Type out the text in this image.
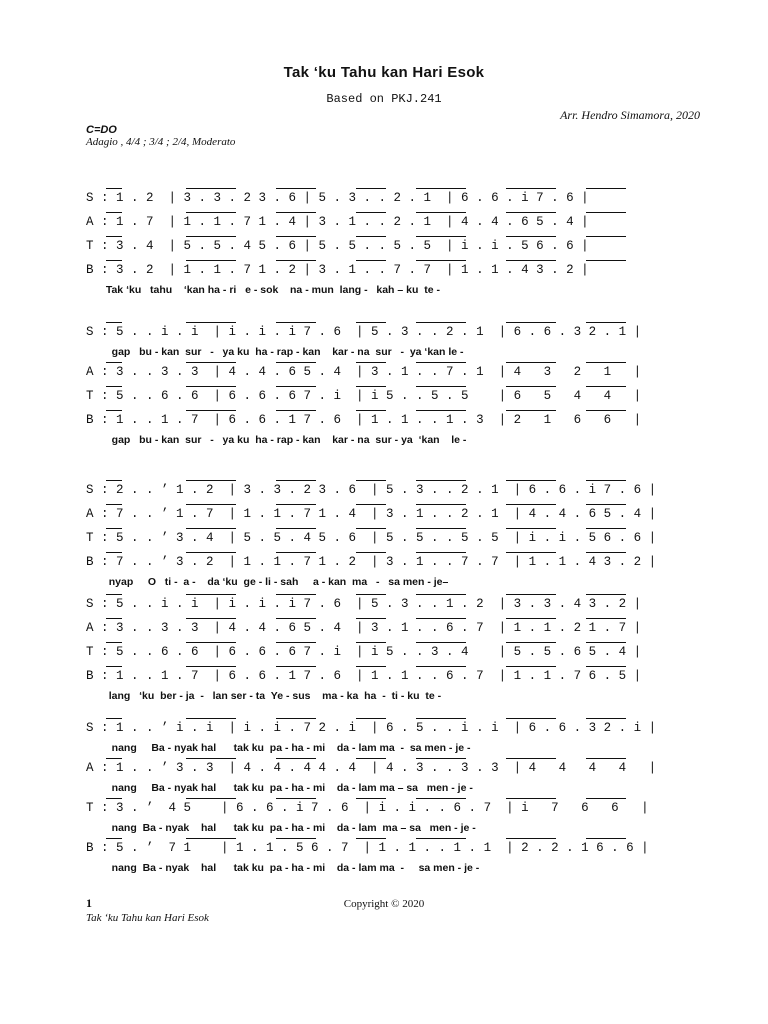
Tak ‘ku Tahu kan Hari Esok
Based on PKJ.241
Arr. Hendro Simamora, 2020
C=DO
Adagio , 4/4 ; 3/4 ; 2/4, Moderato
S : 1 . 2  | 3 . 3 . 2 3 . 6 | 5 . 3 . . 2 . 1  | 6 . 6 . i 7 . 6 |
A : 1 . 7  | 1 . 1 . 7 1 . 4 | 3 . 1 . . 2 . 1  | 4 . 4 . 6 5 . 4 |
T : 3 . 4  | 5 . 5 . 4 5 . 6 | 5 . 5 . . 5 . 5  | i . i . 5 6 . 6 |
B : 3 . 2  | 1 . 1 . 7 1 . 2 | 3 . 1 . . 7 . 7  | 1 . 1 . 4 3 . 2 |
Tak ‘ku   tahu    ‘kan ha - ri   e - sok    na - mun  lang -   kah – ku  te -
S : 5 . . i . i  | i . i . i 7 . 6  | 5 . 3 . . 2 . 1  | 6 . 6 . 3 2 . 1 |
gap   bu - kan  sur   -   ya ku  ha - rap - kan    kar - na  sur   -  ya ‘kan le -
A : 3 . . 3 . 3  | 4 . 4 . 6 5 . 4  | 3 . 1 . . 7 . 1  | 4   3   2   1   |
T : 5 . . 6 . 6  | 6 . 6 . 6 7 . i  | i 5 . . 5 . 5    | 6   5   4   4   |
B : 1 . . 1 . 7  | 6 . 6 . 1 7 . 6  | 1 . 1 . . 1 . 3  | 2   1   6   6   |
gap   bu - kan  sur   -   ya ku  ha - rap - kan    kar - na  sur - ya  ‘kan    le -
S : 2 . . ’ 1 . 2  | 3 . 3 . 2 3 . 6  | 5 . 3 . . 2 . 1  | 6 . 6 . i 7 . 6 |
A : 7 . . ’ 1 . 7  | 1 . 1 . 7 1 . 4  | 3 . 1 . . 2 . 1  | 4 . 4 . 6 5 . 4 |
T : 5 . . ’ 3 . 4  | 5 . 5 . 4 5 . 6  | 5 . 5 . . 5 . 5  | i . i . 5 6 . 6 |
B : 7 . . ’ 3 . 2  | 1 . 1 . 7 1 . 2  | 3 . 1 . . 7 . 7  | 1 . 1 . 4 3 . 2 |
nyap     O   ti -  a -    da ‘ku  ge - li - sah     a - kan  ma   -   sa men - je–
S : 5 . . i . i  | i . i . i 7 . 6  | 5 . 3 . . 1 . 2  | 3 . 3 . 4 3 . 2 |
A : 3 . . 3 . 3  | 4 . 4 . 6 5 . 4  | 3 . 1 . . 6 . 7  | 1 . 1 . 2 1 . 7 |
T : 5 . . 6 . 6  | 6 . 6 . 6 7 . i  | i 5 . . 3 . 4    | 5 . 5 . 6 5 . 4 |
B : 1 . . 1 . 7  | 6 . 6 . 1 7 . 6  | 1 . 1 . . 6 . 7  | 1 . 1 . 7 6 . 5 |
lang   ‘ku  ber - ja  -   lan ser - ta  Ye - sus    ma - ka  ha  -  ti - ku  te -
S : 1 . . ’ i . i  | i . i . 7 2 . i  | 6 . 5 . . i . i  | 6 . 6 . 3 2 . i |
nang     Ba - nyak hal      tak ku  pa - ha - mi    da - lam ma  -  sa men - je -
A : 1 . . ’ 3 . 3  | 4 . 4 . 4 4 . 4  | 4 . 3 . . 3 . 3  | 4   4   4   4   |
nang     Ba - nyak hal      tak ku  pa - ha - mi    da - lam ma – sa   men - je -
T : 3 . ’  4 5    | 6 . 6 . i 7 . 6  | i . i . . 6 . 7  | i   7   6   6   |
nang  Ba - nyak    hal      tak ku  pa - ha - mi    da - lam  ma – sa   men - je -
B : 5 . ’  7 1    | 1 . 1 . 5 6 . 7  | 1 . 1 . . 1 . 1  | 2 . 2 . 1 6 . 6 |
nang  Ba - nyak    hal      tak ku  pa - ha - mi    da - lam ma  -     sa men - je -
1
Tak ‘ku Tahu kan Hari Esok
Copyright © 2020
